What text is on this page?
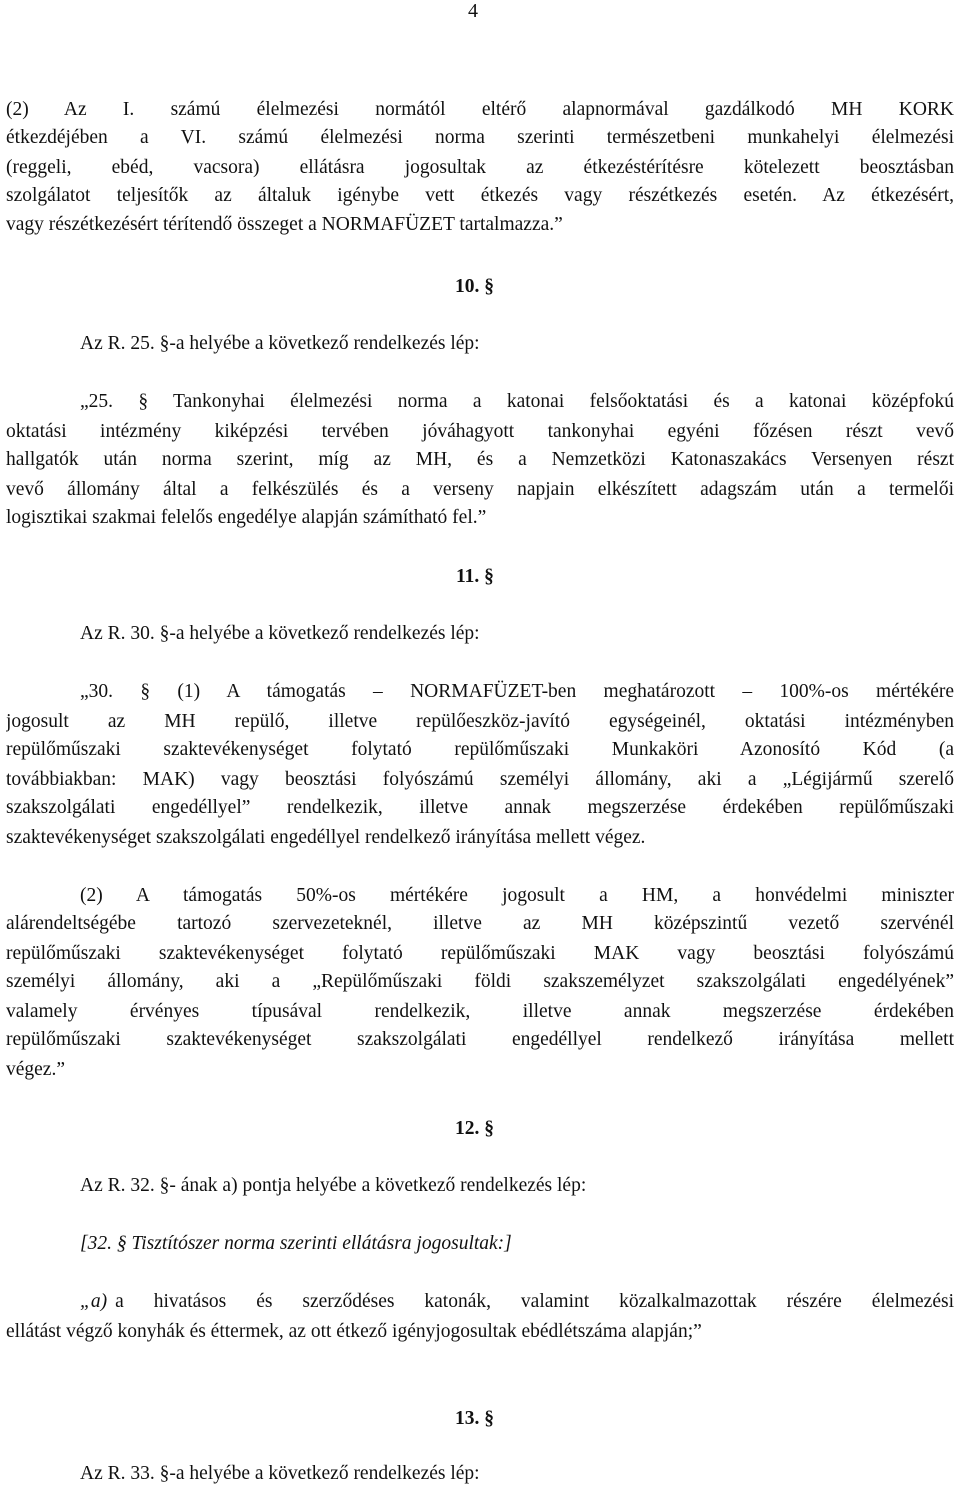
4
(2) Az I. számú élelmezési normától eltérő alapnormával gazdálkodó MH KORK
étkezdéjében a VI. számú élelmezési norma szerinti természetbeni munkahelyi élelmezési
(reggeli, ebéd, vacsora) ellátásra jogosultak az étkezéstérítésre kötelezett beosztásban
szolgálatot teljesítők az általuk igénybe vett étkezés vagy részétkezés esetén. Az étkezésért,
vagy részétkezésért térítendő összeget a NORMAFÜZET tartalmazza.”
10. §
Az R. 25. §-a helyébe a következő rendelkezés lép:
„25. § Tankonyhai élelmezési norma a katonai felsőoktatási és a katonai középfokú
oktatási intézmény kiképzési tervében jóváhagyott tankonyhai egyéni főzésen részt vevő
hallgatók után norma szerint, míg az MH, és a Nemzetközi Katonaszakács Versenyen részt
vevő állomány által a felkészülés és a verseny napjain elkészített adagszám után a termelői
logisztikai szakmai felelős engedélye alapján számítható fel.”
11. §
Az R. 30. §-a helyébe a következő rendelkezés lép:
„30. § (1) A támogatás – NORMAFÜZET-ben meghatározott – 100%-os mértékére
jogosult az MH repülő, illetve repülőeszköz-javító egységeinél, oktatási intézményben
repülőműszaki szaktevékenységet folytató repülőműszaki Munkaköri Azonosító Kód (a
továbbiakban: MAK) vagy beosztási folyószámú személyi állomány, aki a „Légijármű szerelő
szakszolgálati engedéllyel” rendelkezik, illetve annak megszerzése érdekében repülőműszaki
szaktevékenységet szakszolgálati engedéllyel rendelkező irányítása mellett végez.
(2) A támogatás 50%-os mértékére jogosult a HM, a honvédelmi miniszter
alárendeltségébe tartozó szervezeteknél, illetve az MH középszintű vezető szervénél
repülőműszaki szaktevékenységet folytató repülőműszaki MAK vagy beosztási folyószámú
személyi állomány, aki a „Repülőműszaki földi szakszemélyzet szakszolgálati engedélyének”
valamely érvényes típusával rendelkezik, illetve annak megszerzése érdekében
repülőműszaki szaktevékenységet szakszolgálati engedéllyel rendelkező irányítása mellett
végez.”
12. §
Az R. 32. §- ának a) pontja helyébe a következő rendelkezés lép:
[32. § Tisztítószer norma szerinti ellátásra jogosultak:]
„a) a hivatásos és szerződéses katonák, valamint közalkalmazottak részére élelmezési
ellátást végző konyhák és éttermek, az ott étkező igényjogosultak ebédlétszáma alapján;”
13. §
Az R. 33. §-a helyébe a következő rendelkezés lép:
